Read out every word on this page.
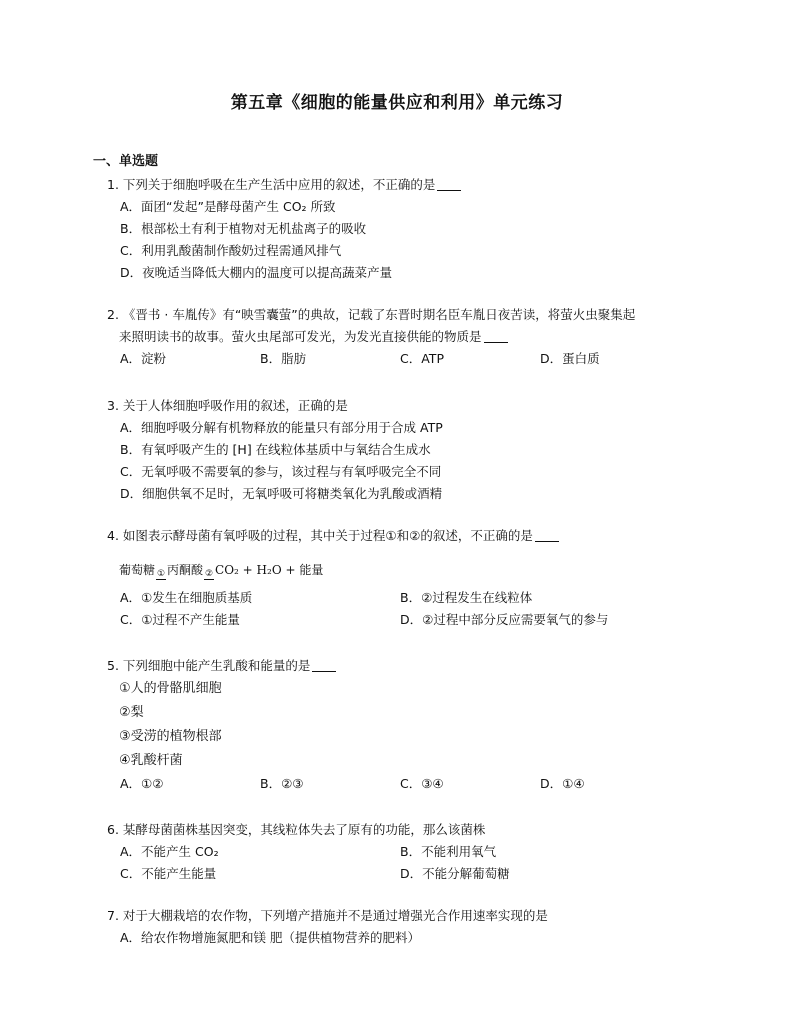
第五章《细胞的能量供应和利用》单元练习
一、单选题
1. 下列关于细胞呼吸在生产生活中应用的叙述，不正确的是
A．面团“发起”是酵母菌产生 CO₂ 所致
B．根部松土有利于植物对无机盐离子的吸收
C．利用乳酸菌制作酸奶过程需通风排气
D．夜晚适当降低大棚内的温度可以提高蔬菜产量
2. 《晋书 · 车胤传》有“映雪囊萤”的典故，记载了东晋时期名臣车胤日夜苦读，将萤火虫聚集起
来照明读书的故事。萤火虫尾部可发光，为发光直接供能的物质是
A．淀粉	B．脂肪	C．ATP	D．蛋白质
3. 关于人体细胞呼吸作用的叙述，正确的是
A．细胞呼吸分解有机物释放的能量只有部分用于合成 ATP
B．有氧呼吸产生的 [H] 在线粒体基质中与氧结合生成水
C．无氧呼吸不需要氧的参与，该过程与有氧呼吸完全不同
D．细胞供氧不足时，无氧呼吸可将糖类氧化为乳酸或酒精
4. 如图表示酵母菌有氧呼吸的过程，其中关于过程①和②的叙述，不正确的是
葡萄糖 ① 丙酮酸 ② CO₂ + H₂O + 能量
A．①发生在细胞质基质	B．②过程发生在线粒体
C．①过程不产生能量	D．②过程中部分反应需要氧气的参与
5. 下列细胞中能产生乳酸和能量的是
①人的骨骼肌细胞
②梨
③受涝的植物根部
④乳酸杆菌
A．①②	B．②③	C．③④	D．①④
6. 某酵母菌菌株基因突变，其线粒体失去了原有的功能，那么该菌株
A．不能产生 CO₂	B．不能利用氧气
C．不能产生能量	D．不能分解葡萄糖
7. 对于大棚栽培的农作物，下列增产措施并不是通过增强光合作用速率实现的是
A．给农作物增施氮肥和镁 肥（提供植物营养的肥料）
